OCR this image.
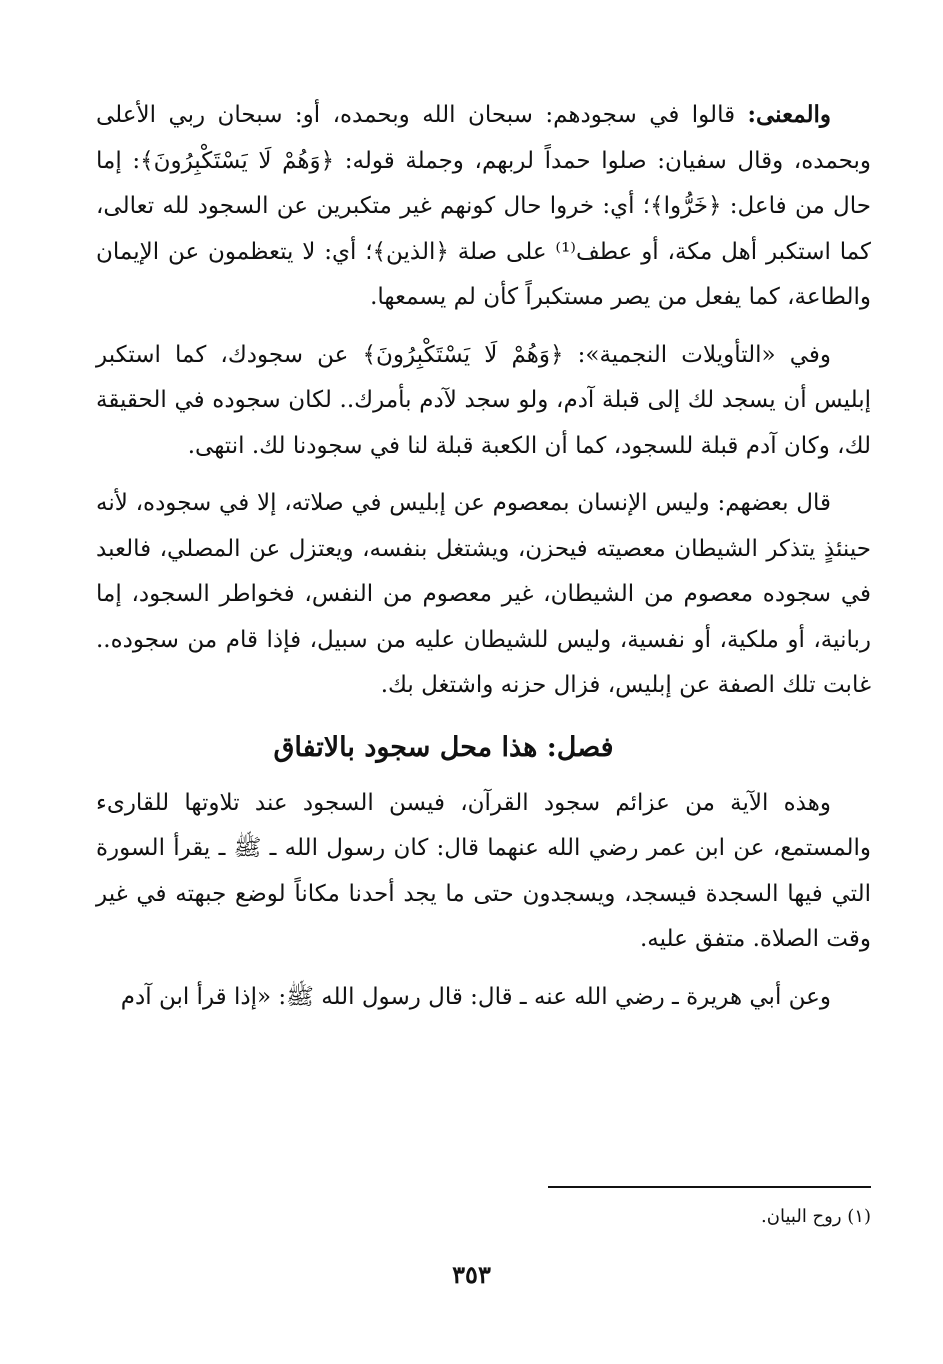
والمعنى: قالوا في سجودهم: سبحان الله وبحمده، أو: سبحان ربي الأعلى وبحمده، وقال سفيان: صلوا حمداً لربهم، وجملة قوله: ﴿وَهُمْ لَا يَسْتَكْبِرُونَ﴾: إما حال من فاعل: ﴿خَرُّوا﴾؛ أي: خروا حال كونهم غير متكبرين عن السجود لله تعالى، كما استكبر أهل مكة، أو عطف⁽¹⁾ على صلة ﴿الذين﴾؛ أي: لا يتعظمون عن الإيمان والطاعة، كما يفعل من يصر مستكبراً كأن لم يسمعها.

وفي «التأويلات النجمية»: ﴿وَهُمْ لَا يَسْتَكْبِرُونَ﴾ عن سجودك، كما استكبر إبليس أن يسجد لك إلى قبلة آدم، ولو سجد لآدم بأمرك.. لكان سجوده في الحقيقة لك، وكان آدم قبلة للسجود، كما أن الكعبة قبلة لنا في سجودنا لك. انتهى.

قال بعضهم: وليس الإنسان بمعصوم عن إبليس في صلاته، إلا في سجوده، لأنه حينئذٍ يتذكر الشيطان معصيته فيحزن، ويشتغل بنفسه، ويعتزل عن المصلي، فالعبد في سجوده معصوم من الشيطان، غير معصوم من النفس، فخواطر السجود، إما ربانية، أو ملكية، أو نفسية، وليس للشيطان عليه من سبيل، فإذا قام من سجوده.. غابت تلك الصفة عن إبليس، فزال حزنه واشتغل بك.

فصل: هذا محل سجود بالاتفاق

وهذه الآية من عزائم سجود القرآن، فيسن السجود عند تلاوتها للقارىء والمستمع، عن ابن عمر رضي الله عنهما قال: كان رسول الله ـ ﷺ ـ يقرأ السورة التي فيها السجدة فيسجد، ويسجدون حتى ما يجد أحدنا مكاناً لوضع جبهته في غير وقت الصلاة. متفق عليه.

وعن أبي هريرة ـ رضي الله عنه ـ قال: قال رسول الله ﷺ: «إذا قرأ ابن آدم

(١) روح البيان.
٣٥٣
